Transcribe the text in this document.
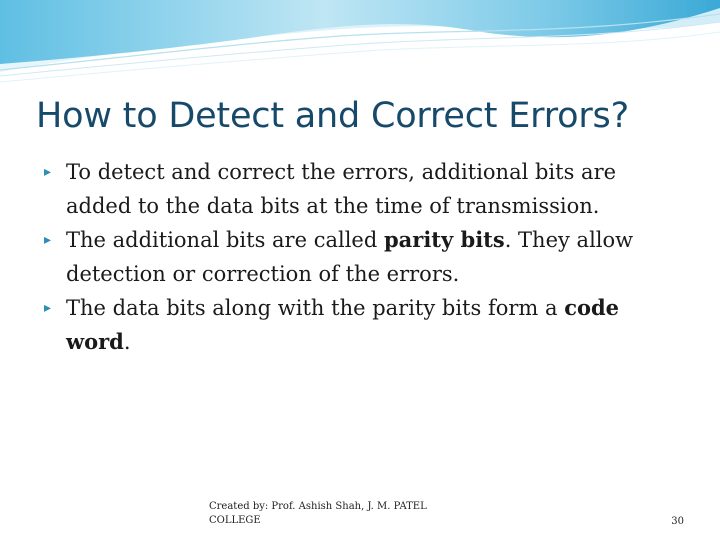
How to Detect and Correct Errors?
▸ To detect and correct the errors, additional bits are added to the data bits at the time of transmission.
▸ The additional bits are called parity bits. They allow detection or correction of the errors.
▸ The data bits along with the parity bits form a code word.
Created by: Prof. Ashish Shah, J. M. PATEL COLLEGE	30
